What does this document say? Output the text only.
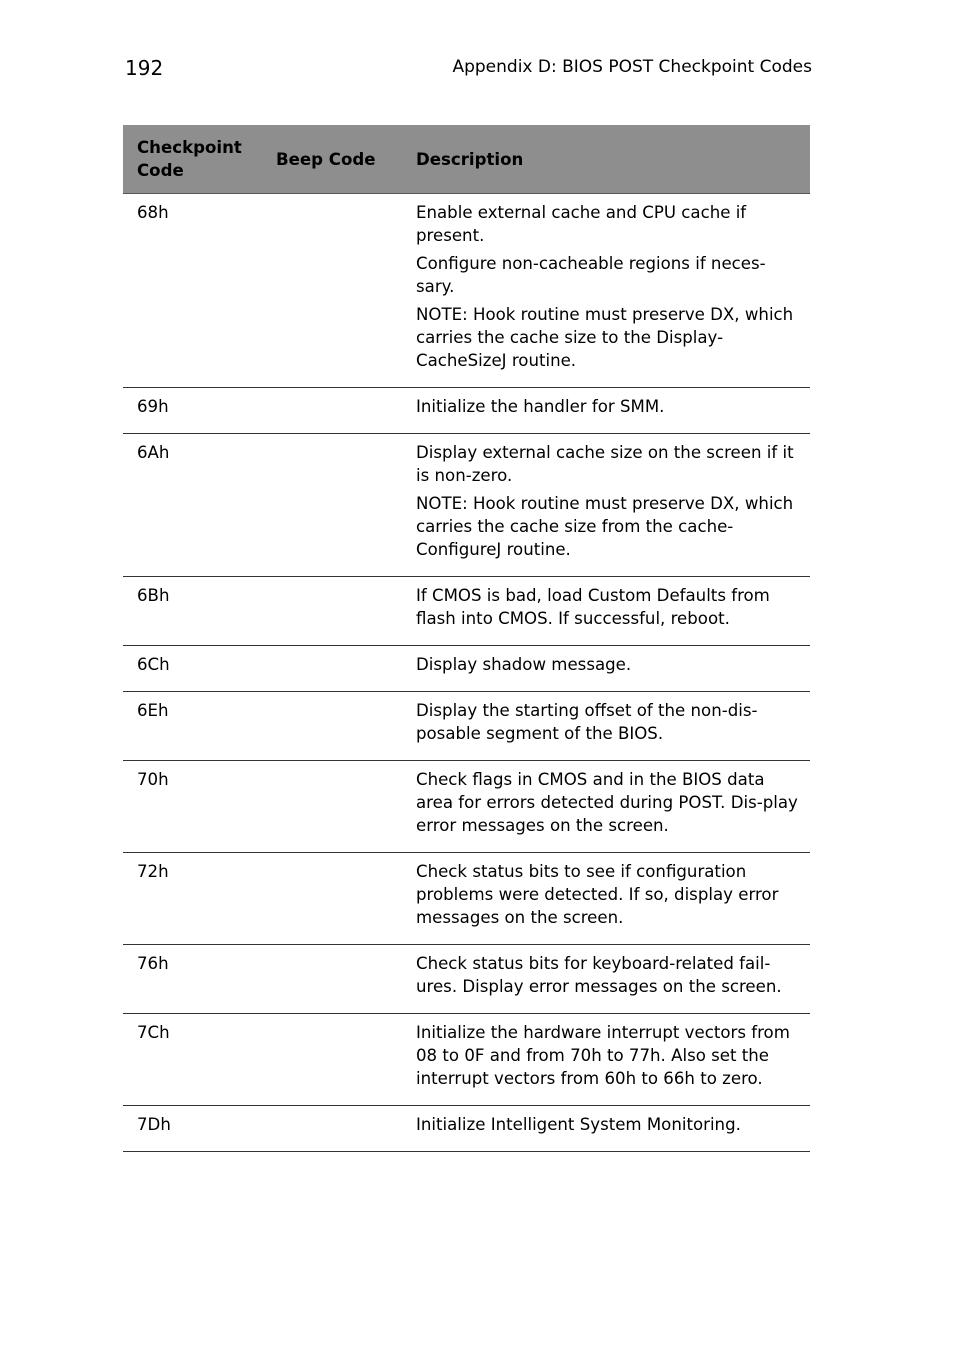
192	Appendix D: BIOS POST Checkpoint Codes
Checkpoint
Code	Beep Code	Description
68h		Enable external cache and CPU cache if present.

Configure non-cacheable regions if neces-sary.

NOTE: Hook routine must preserve DX, which carries the cache size to the Display-CacheSizeJ routine.

69h		Initialize the handler for SMM.

6Ah		Display external cache size on the screen if it is non-zero.

NOTE: Hook routine must preserve DX, which carries the cache size from the cache-ConfigureJ routine.

6Bh		If CMOS is bad, load Custom Defaults from flash into CMOS. If successful, reboot.

6Ch		Display shadow message.

6Eh		Display the starting offset of the non-dis-posable segment of the BIOS.

70h		Check flags in CMOS and in the BIOS data area for errors detected during POST. Dis-play error messages on the screen.

72h		Check status bits to see if configuration problems were detected. If so, display error messages on the screen.

76h		Check status bits for keyboard-related fail-ures. Display error messages on the screen.

7Ch		Initialize the hardware interrupt vectors from 08 to 0F and from 70h to 77h. Also set the interrupt vectors from 60h to 66h to zero.

7Dh		Initialize Intelligent System Monitoring.
